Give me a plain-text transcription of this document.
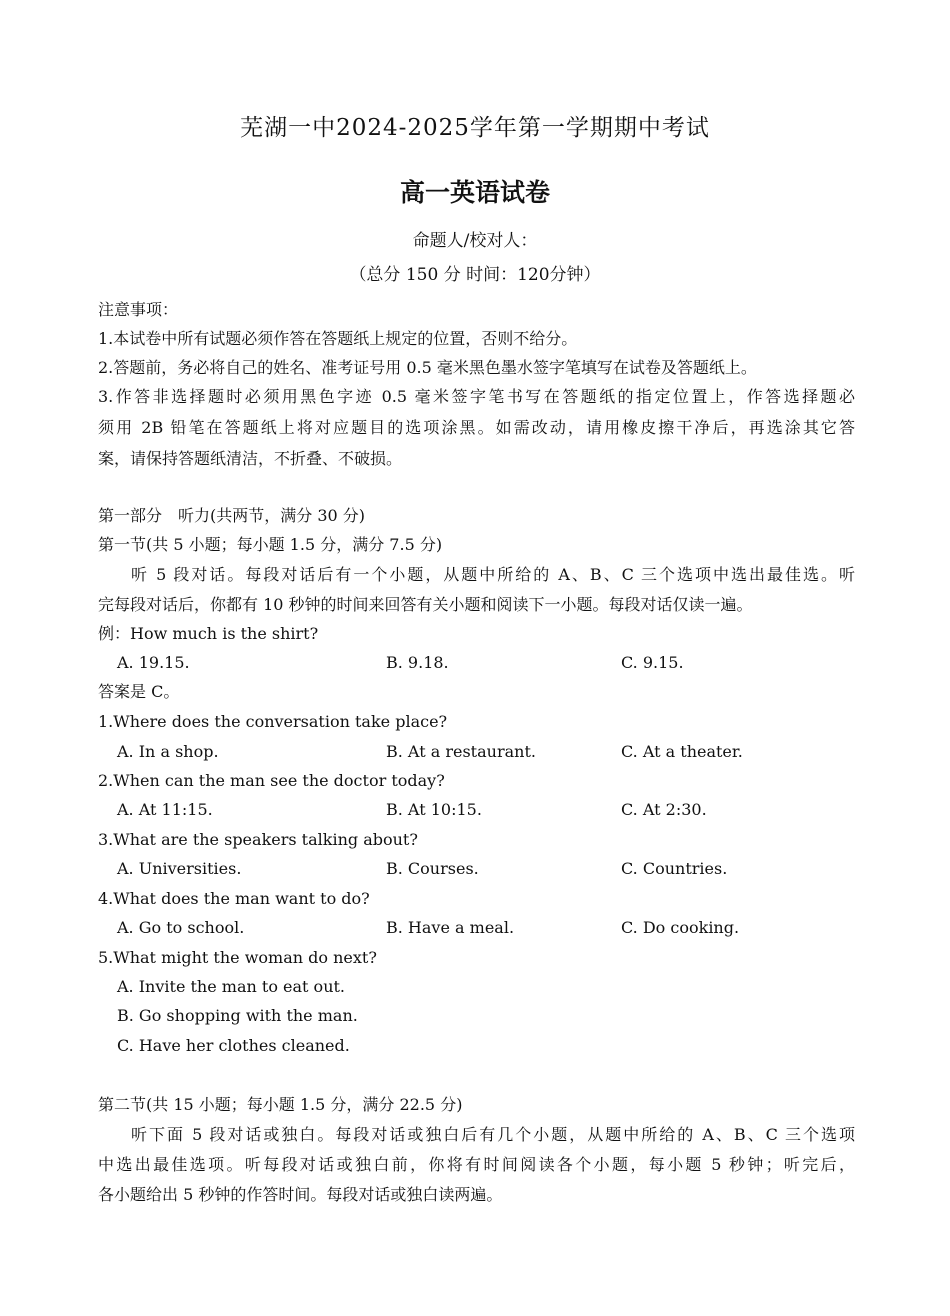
芜湖一中2024-2025学年第一学期期中考试
高一英语试卷
命题人/校对人：
（总分 150 分 时间：120分钟）
注意事项：
1.本试卷中所有试题必须作答在答题纸上规定的位置，否则不给分。
2.答题前，务必将自己的姓名、准考证号用 0.5 毫米黑色墨水签字笔填写在试卷及答题纸上。
3.作答非选择题时必须用黑色字迹 0.5 毫米签字笔书写在答题纸的指定位置上，作答选择题必
须用 2B 铅笔在答题纸上将对应题目的选项涂黑。如需改动，请用橡皮擦干净后，再选涂其它答
案，请保持答题纸清洁，不折叠、不破损。
第一部分　听力(共两节，满分 30 分)
第一节(共 5 小题；每小题 1.5 分，满分 7.5 分)
听 5 段对话。每段对话后有一个小题，从题中所给的 A、B、C 三个选项中选出最佳选。听
完每段对话后，你都有 10 秒钟的时间来回答有关小题和阅读下一小题。每段对话仅读一遍。
例：How much is the shirt?
A. 19.15.	B. 9.18.	C. 9.15.
答案是 C。
1.Where does the conversation take place?
A. In a shop.	B. At a restaurant.	C. At a theater.
2.When can the man see the doctor today?
A. At 11:15.	B. At 10:15.	C. At 2:30.
3.What are the speakers talking about?
A. Universities.	B. Courses.	C. Countries.
4.What does the man want to do?
A. Go to school.	B. Have a meal.	C. Do cooking.
5.What might the woman do next?
A. Invite the man to eat out.
B. Go shopping with the man.
C. Have her clothes cleaned.
第二节(共 15 小题；每小题 1.5 分，满分 22.5 分)
听下面 5 段对话或独白。每段对话或独白后有几个小题，从题中所给的 A、B、C 三个选项
中选出最佳选项。听每段对话或独白前，你将有时间阅读各个小题，每小题 5 秒钟；听完后，
各小题给出 5 秒钟的作答时间。每段对话或独白读两遍。
